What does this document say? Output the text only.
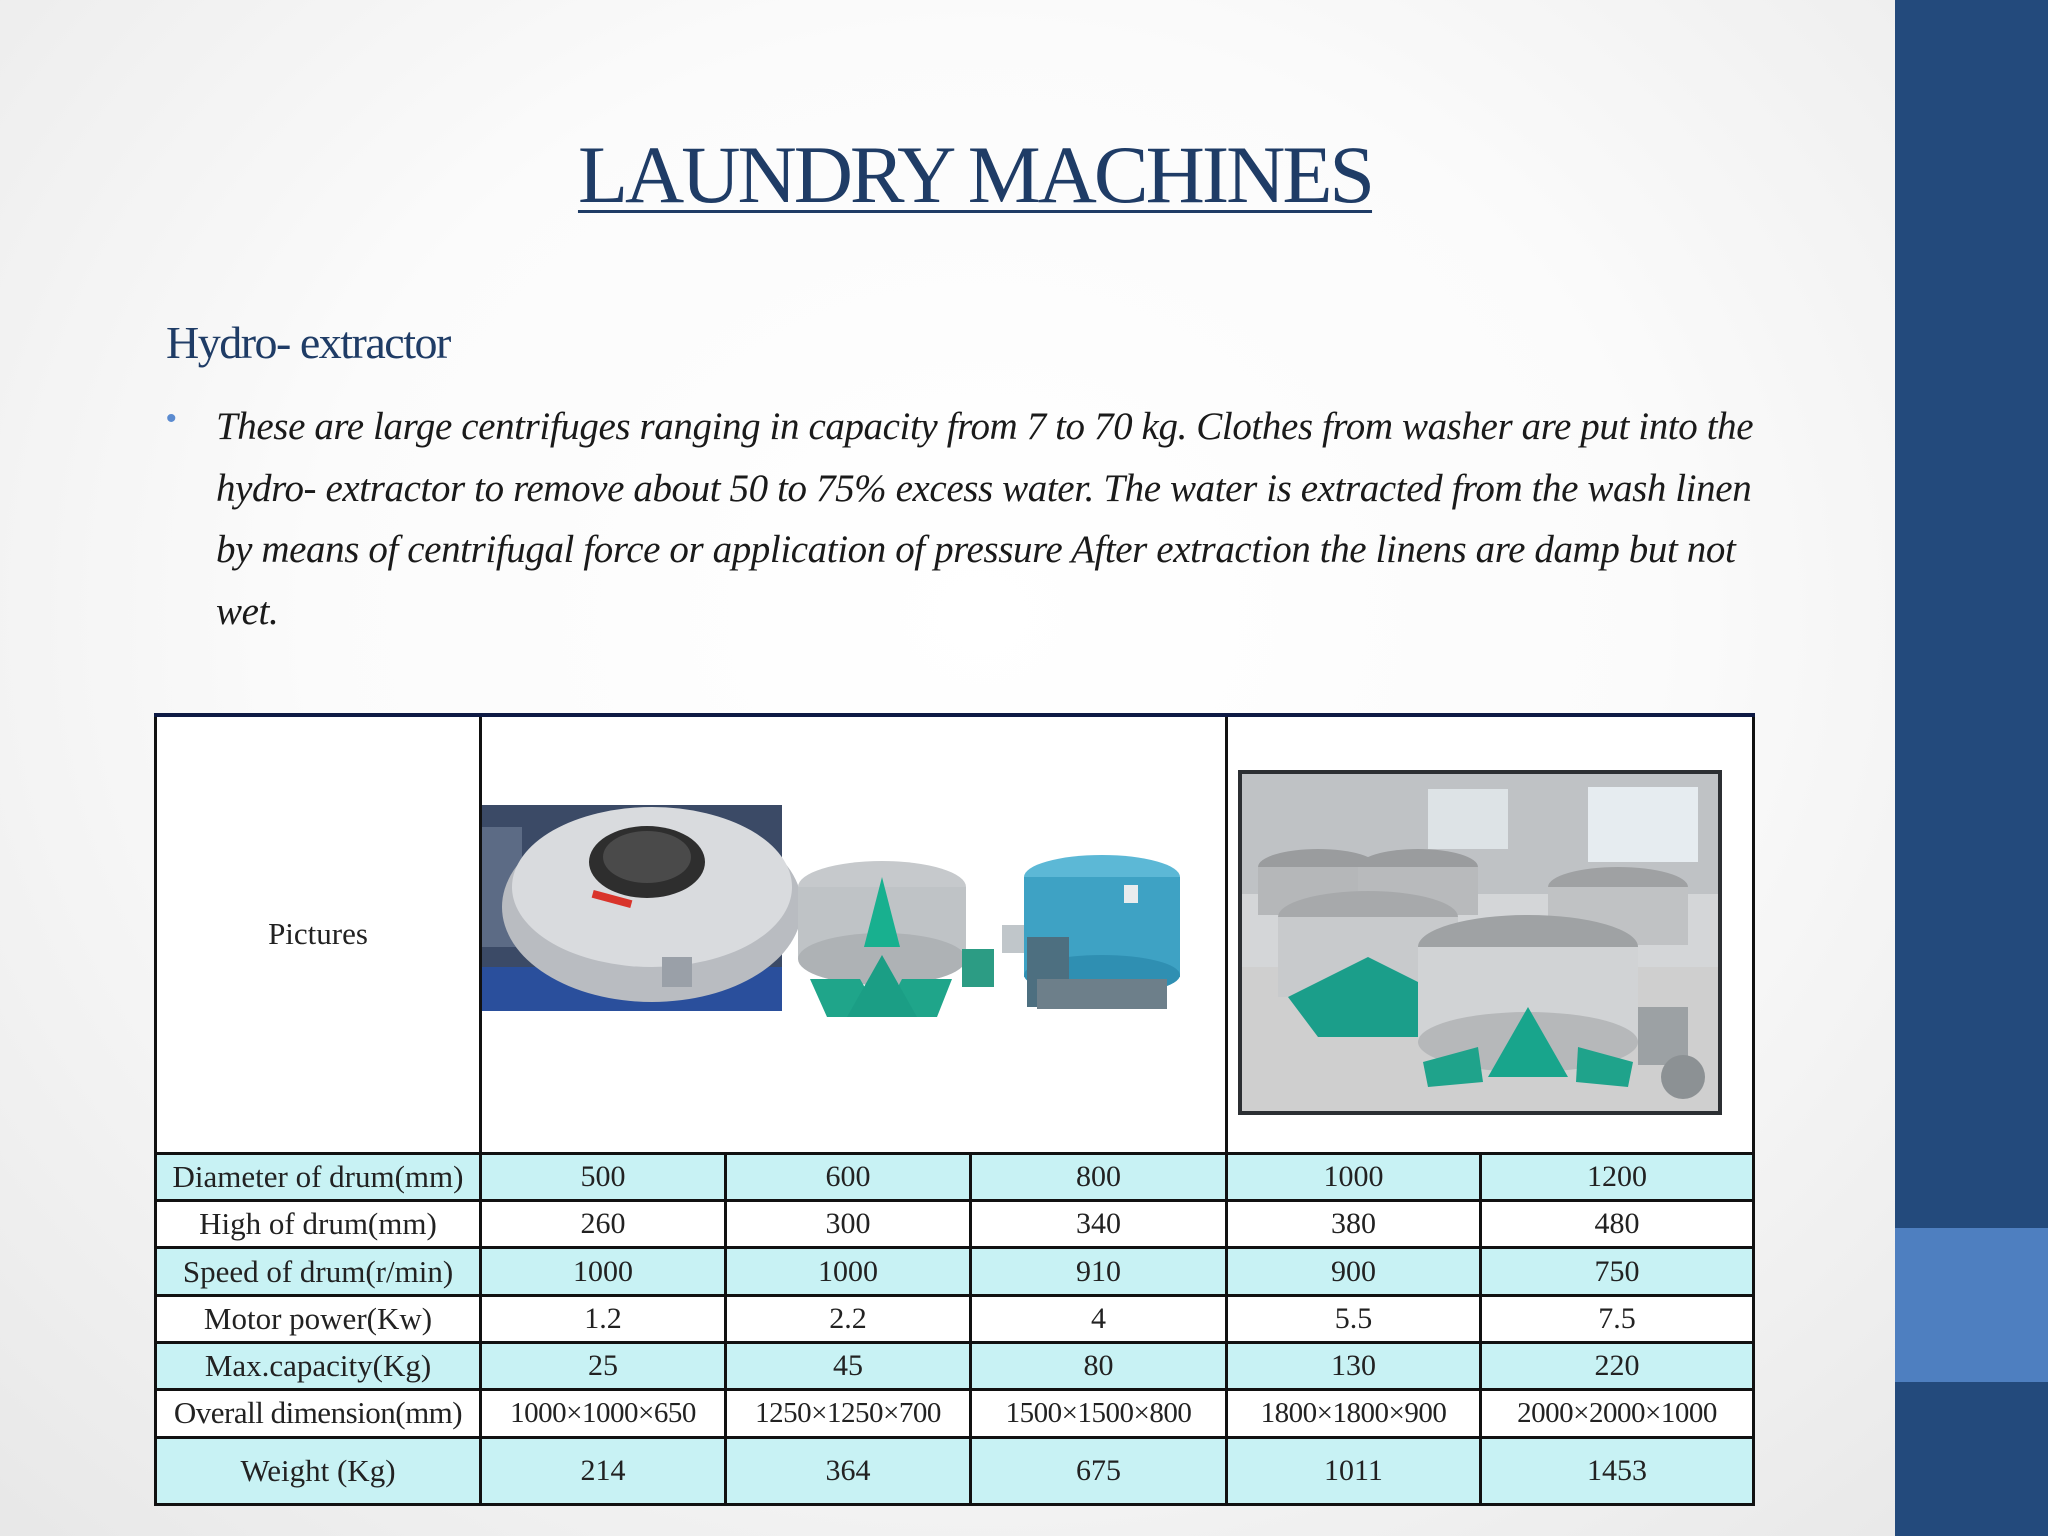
LAUNDRY MACHINES
Hydro- extractor
• These are large centrifuges ranging in capacity from 7 to 70 kg. Clothes from washer are put into the hydro- extractor to remove about 50 to 75% excess water. The water is extracted from the wash linen by means of centrifugal force or application of pressure After extraction the linens are damp but not wet.
Pictures	

Diameter of drum(mm)	500	600	800	1000	1200
High of drum(mm)	260	300	340	380	480
Speed of drum(r/min)	1000	1000	910	900	750
Motor power(Kw)	1.2	2.2	4	5.5	7.5
Max.capacity(Kg)	25	45	80	130	220
Overall dimension(mm)	1000×1000×650	1250×1250×700	1500×1500×800	1800×1800×900	2000×2000×1000
Weight (Kg)	214	364	675	1011	1453
